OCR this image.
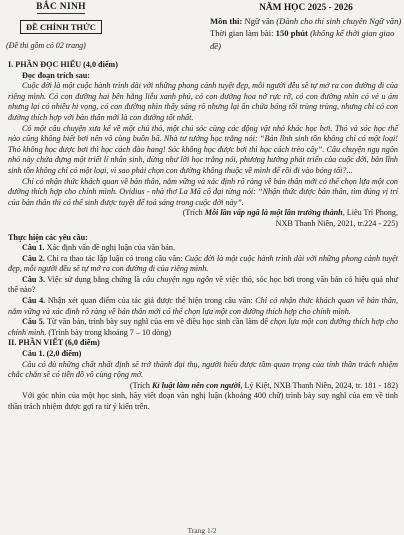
BẮC NINH
ĐỀ CHÍNH THỨC
(Đề thi gồm có 02 trang)
NĂM HỌC 2025 - 2026
Môn thi: Ngữ văn (Dành cho thí sinh chuyên Ngữ văn)
Thời gian làm bài: 150 phút (không kể thời gian giao đề)

I. PHẦN ĐỌC HIỂU (4,0 điểm)

Đọc đoạn trích sau:

Cuộc đời là một cuộc hành trình dài với những phong cảnh tuyệt đẹp, mỗi người đều sẽ tự mở ra con đường đi của riêng mình. Có con đường hai bên hằng liễu xanh phủ, có con đường hoa nở rực rỡ, có con đường nhìn có vẻ u ám nhưng lại có nhiều hi vọng, có con đường nhìn thấy sáng rõ nhưng lại ẩn chứa bóng tối trùng trùng, nhưng chỉ có con đường thích hợp với bản thân mới là con đường tốt nhất.

Có một câu chuyện xưa kể về một chú thỏ, một chú sóc cùng các động vật nhỏ khác học bơi. Thỏ và sóc học thế nào cũng không biết bơi nên vô cùng buồn bã. Nhà tư tưởng học trằng nói: “Bản lĩnh sinh tồn không chỉ có một loại! Thỏ không học được bơi thì học cách đào hang! Sóc không học được bơi thì học cách trèo cây”. Câu chuyện ngụ ngôn nhỏ này chứa đựng một triết lí nhân sinh, đừng như lời học trằng nói, phương hướng phát triển của cuộc đời, bản lĩnh sinh tồn không chỉ có một loại, vì sao phải chọn con đường không thuộc về mình để rồi đi vào bóng tối?...

Chỉ có nhận thức khách quan về bản thân, nắm vững và xác định rõ ràng về bản thân mới có thể chọn lựa một con đường thích hợp cho chính mình. Ovidius - nhà thơ La Mã cổ đại từng nói: “Nhận thức được bản thân, tìm đúng vị trí của bản thân thì có thể sinh được tuyệt để toả sáng trong cuộc đời này”.

(Trích Mỗi lần vấp ngã là một lần trưởng thành, Liêu Trí Phong,

NXB Thanh Niên, 2021, tr.224 - 225)

Thực hiện các yêu cầu:

Câu 1. Xác định vấn đề nghị luận của văn bản.

Câu 2. Chỉ ra thao tác lập luận có trong câu văn: Cuộc đời là một cuộc hành trình dài với những phong cảnh tuyệt đẹp, mỗi người đều sẽ tự mở ra con đường đi của riêng mình.

Câu 3. Việc sử dụng bằng chứng là câu chuyện ngụ ngôn về việc thỏ, sóc học bơi trong văn bản có hiệu quả như thế nào?

Câu 4. Nhận xét quan điểm của tác giả được thể hiện trong câu văn: Chỉ có nhận thức khách quan về bản thân, nắm vững và xác định rõ ràng về bản thân mới có thể chọn lựa một con đường thích hợp cho chính mình.

Câu 5. Từ văn bản, trình bày suy nghĩ của em về điều học sinh cần làm để chọn lựa một con đường thích hợp cho chính mình. (Trình bày trong khoảng 7 – 10 dòng)

II. PHẦN VIẾT (6,0 điểm)

Câu 1. (2,0 điểm)

Câu có đủ những chất nhất định sẽ trở thành đại thụ, người hiểu được tầm quan trọng của tính thần trách nhiệm chắc chắn sẽ có tiền đồ vô cùng rộng mở.

(Trích Kỉ luật làm nên con người, Lý Kiệt, NXB Thanh Niên, 2024, tr. 181 - 182)

Với góc nhìn của một học sinh, hãy viết đoạn văn nghị luận (khoảng 400 chữ) trình bày suy nghĩ của em về tinh thần trách nhiệm được gợi ra từ ý kiến trên.

Trang 1/2
